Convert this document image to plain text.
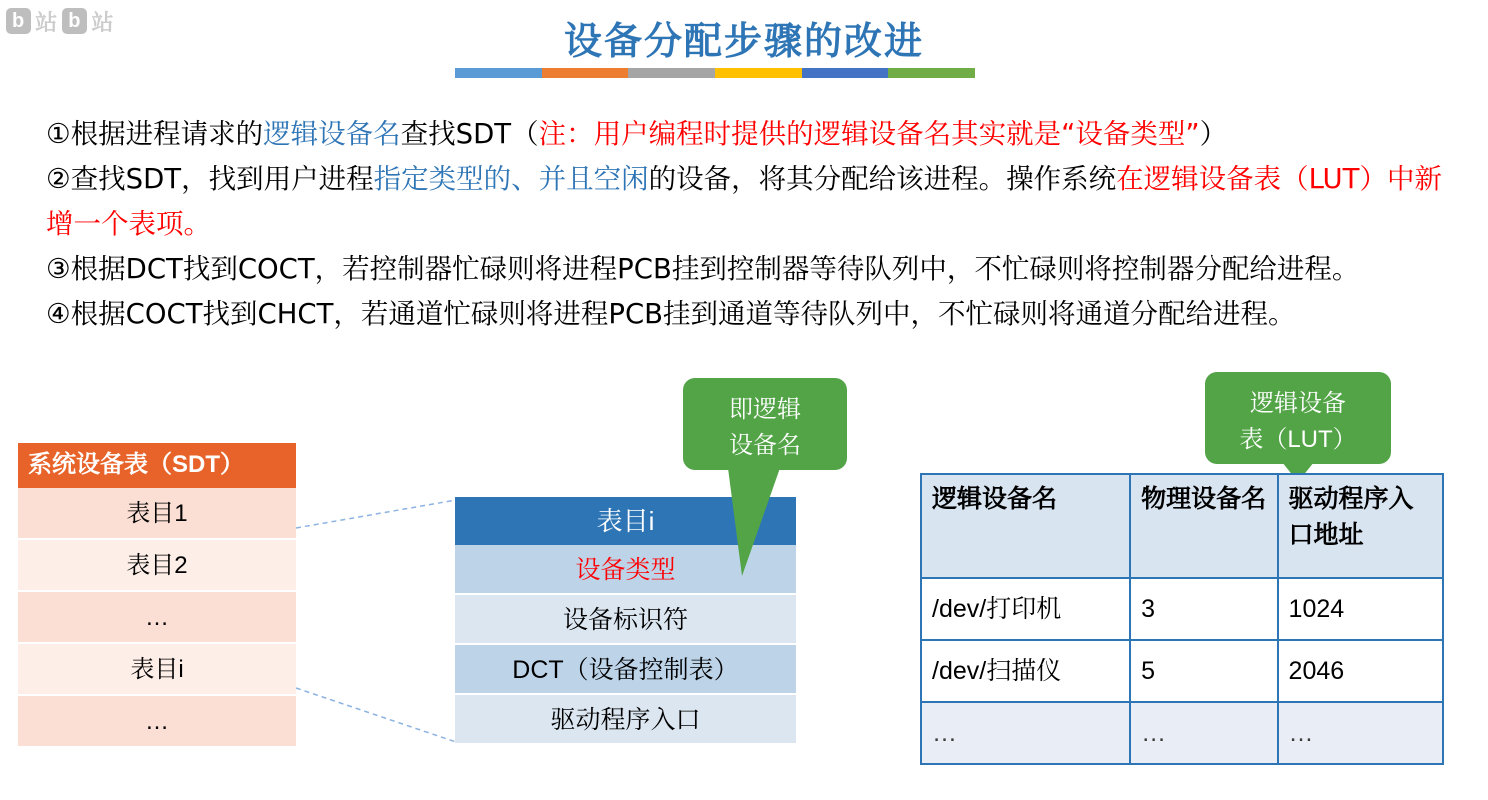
b 站 b 站	设备分配步骤的改进
①根据进程请求的逻辑设备名查找SDT（注：用户编程时提供的逻辑设备名其实就是“设备类型”）
②查找SDT，找到用户进程指定类型的、并且空闲的设备，将其分配给该进程。操作系统在逻辑设备表（LUT）中新增一个表项。
③根据DCT找到COCT，若控制器忙碌则将进程PCB挂到控制器等待队列中，不忙碌则将控制器分配给进程。
④根据COCT找到CHCT，若通道忙碌则将进程PCB挂到通道等待队列中，不忙碌则将通道分配给进程。
系统设备表（SDT）
表目1
表目2
…
表目i
…
表目i
设备类型
设备标识符
DCT（设备控制表）
驱动程序入口
即逻辑
设备名
逻辑设备
表（LUT）
逻辑设备名	物理设备名	驱动程序入口地址
/dev/打印机	3	1024
/dev/扫描仪	5	2046
…	…	…
